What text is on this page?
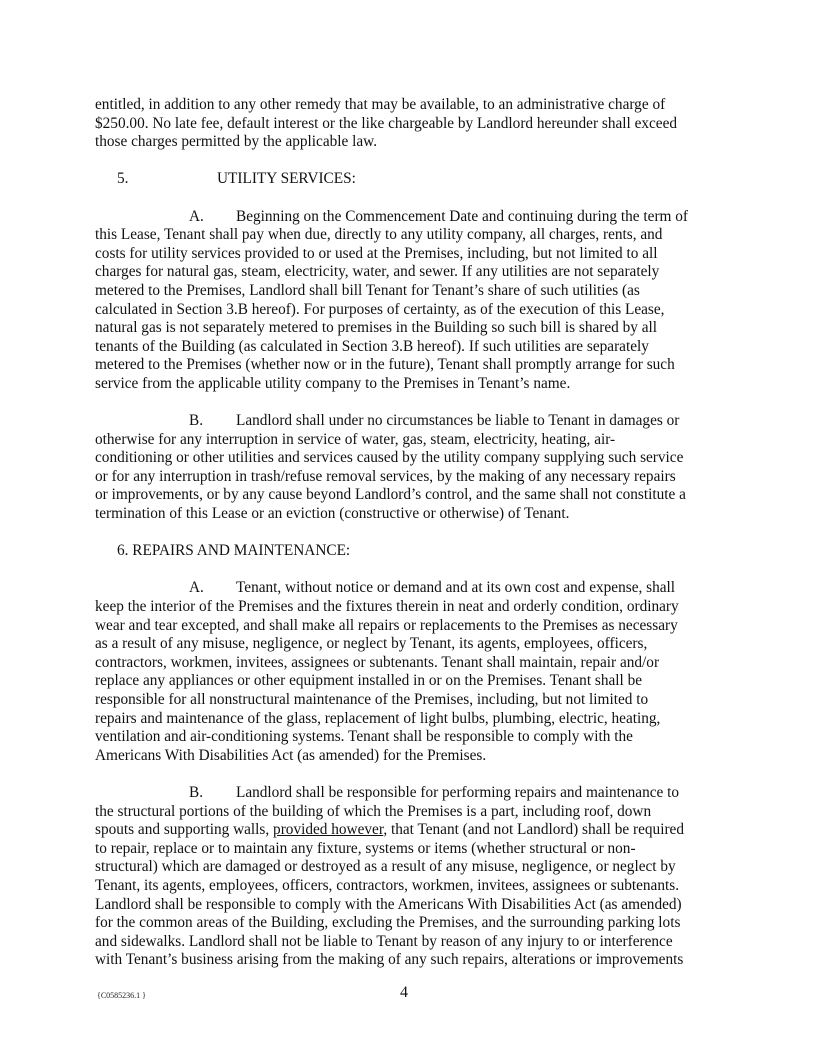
entitled, in addition to any other remedy that may be available, to an administrative charge of
$250.00. No late fee, default interest or the like chargeable by Landlord hereunder shall exceed
those charges permitted by the applicable law.
5.	UTILITY SERVICES:
A. Beginning on the Commencement Date and continuing during the term of
this Lease, Tenant shall pay when due, directly to any utility company, all charges, rents, and
costs for utility services provided to or used at the Premises, including, but not limited to all
charges for natural gas, steam, electricity, water, and sewer. If any utilities are not separately
metered to the Premises, Landlord shall bill Tenant for Tenant’s share of such utilities (as
calculated in Section 3.B hereof). For purposes of certainty, as of the execution of this Lease,
natural gas is not separately metered to premises in the Building so such bill is shared by all
tenants of the Building (as calculated in Section 3.B hereof). If such utilities are separately
metered to the Premises (whether now or in the future), Tenant shall promptly arrange for such
service from the applicable utility company to the Premises in Tenant’s name.
B. Landlord shall under no circumstances be liable to Tenant in damages or
otherwise for any interruption in service of water, gas, steam, electricity, heating, air-
conditioning or other utilities and services caused by the utility company supplying such service
or for any interruption in trash/refuse removal services, by the making of any necessary repairs
or improvements, or by any cause beyond Landlord’s control, and the same shall not constitute a
termination of this Lease or an eviction (constructive or otherwise) of Tenant.
6. REPAIRS AND MAINTENANCE:
A. Tenant, without notice or demand and at its own cost and expense, shall
keep the interior of the Premises and the fixtures therein in neat and orderly condition, ordinary
wear and tear excepted, and shall make all repairs or replacements to the Premises as necessary
as a result of any misuse, negligence, or neglect by Tenant, its agents, employees, officers,
contractors, workmen, invitees, assignees or subtenants. Tenant shall maintain, repair and/or
replace any appliances or other equipment installed in or on the Premises. Tenant shall be
responsible for all nonstructural maintenance of the Premises, including, but not limited to
repairs and maintenance of the glass, replacement of light bulbs, plumbing, electric, heating,
ventilation and air-conditioning systems. Tenant shall be responsible to comply with the
Americans With Disabilities Act (as amended) for the Premises.
B. Landlord shall be responsible for performing repairs and maintenance to
the structural portions of the building of which the Premises is a part, including roof, down
spouts and supporting walls, provided however, that Tenant (and not Landlord) shall be required
to repair, replace or to maintain any fixture, systems or items (whether structural or non-
structural) which are damaged or destroyed as a result of any misuse, negligence, or neglect by
Tenant, its agents, employees, officers, contractors, workmen, invitees, assignees or subtenants.
Landlord shall be responsible to comply with the Americans With Disabilities Act (as amended)
for the common areas of the Building, excluding the Premises, and the surrounding parking lots
and sidewalks. Landlord shall not be liable to Tenant by reason of any injury to or interference
with Tenant’s business arising from the making of any such repairs, alterations or improvements
{C0585236.1 }	4
